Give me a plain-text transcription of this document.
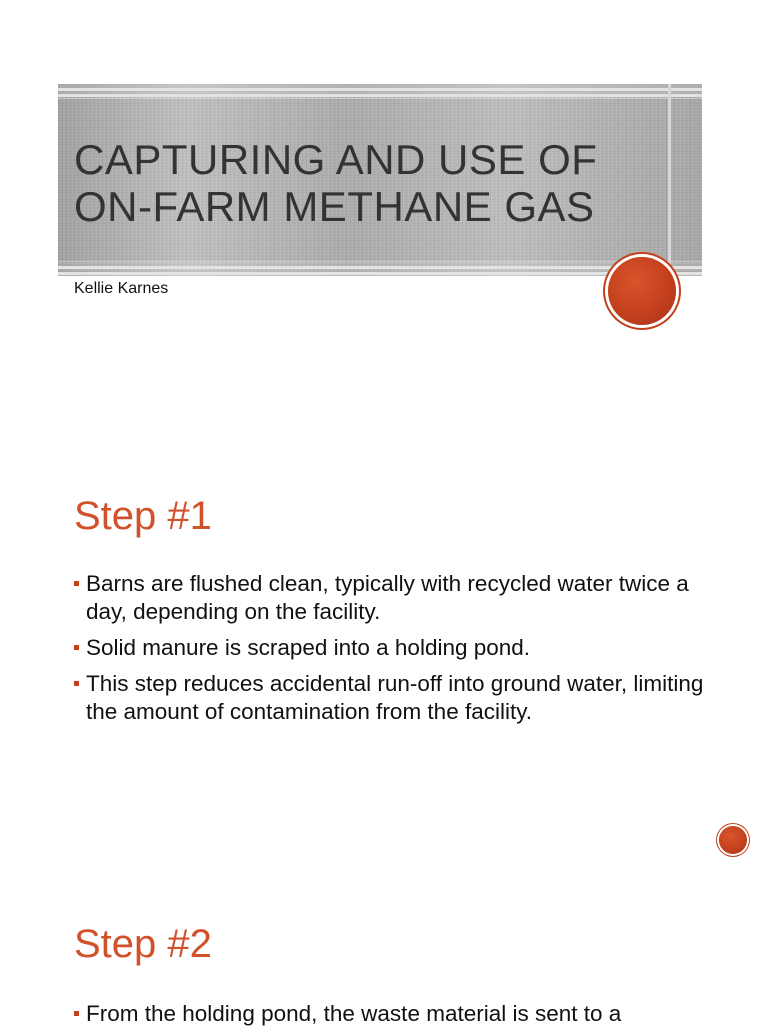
CAPTURING AND USE OF
ON-FARM METHANE GAS
Kellie Karnes
Step #1
Barns are flushed clean, typically with recycled water twice a day, depending on the facility.
Solid manure is scraped into a holding pond.
This step reduces accidental run-off into ground water, limiting the amount of contamination from the facility.
Step #2
From the holding pond, the waste material is sent to a
